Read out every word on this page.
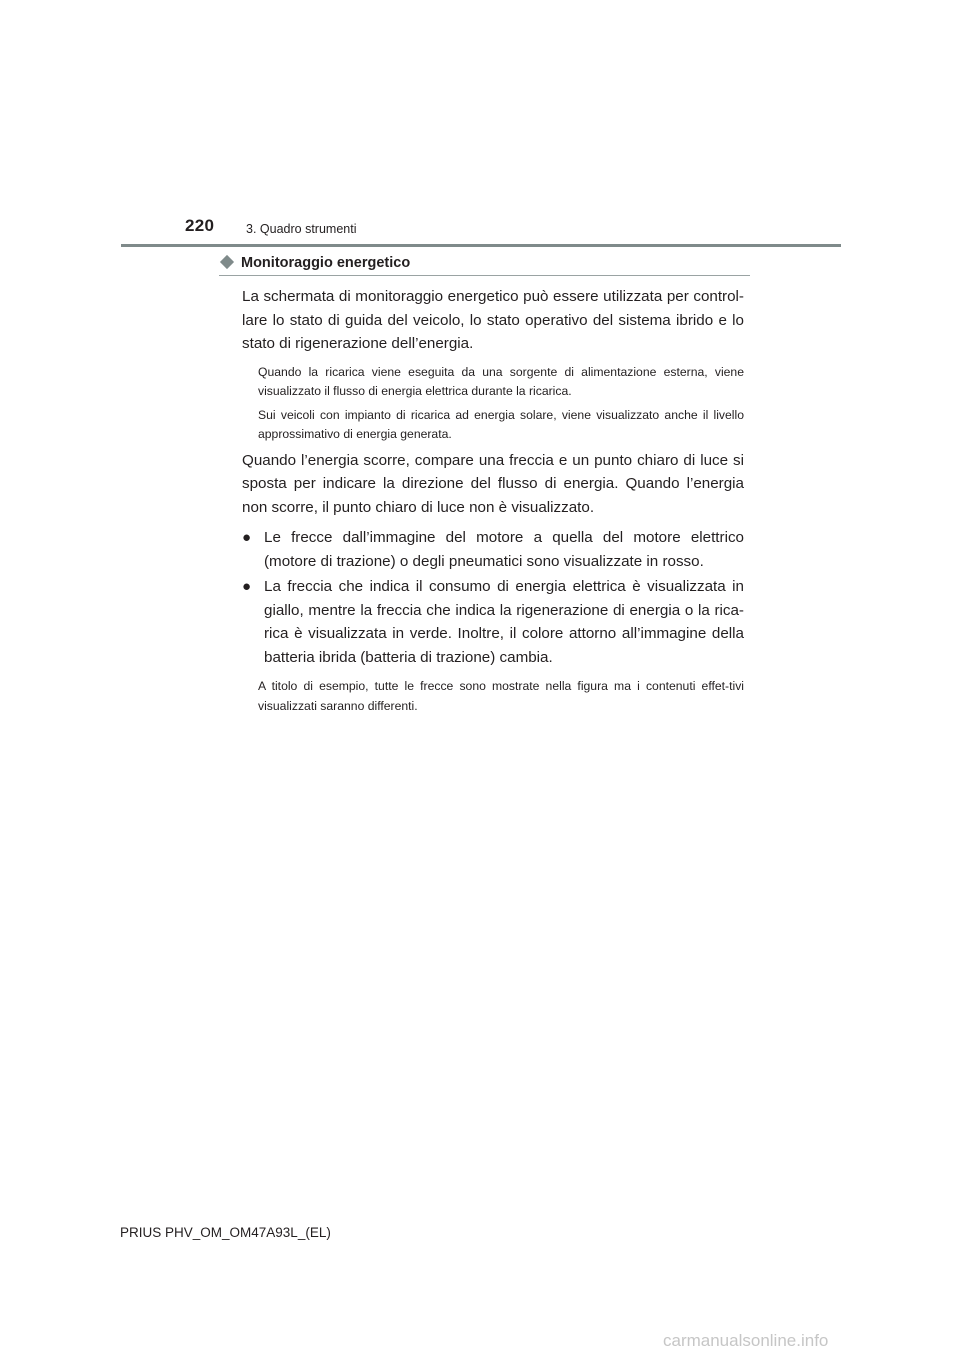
220	3. Quadro strumenti
Monitoraggio energetico

La schermata di monitoraggio energetico può essere utilizzata per control-lare lo stato di guida del veicolo, lo stato operativo del sistema ibrido e lo stato di rigenerazione dell’energia.

Quando la ricarica viene eseguita da una sorgente di alimentazione esterna, viene visualizzato il flusso di energia elettrica durante la ricarica.

Sui veicoli con impianto di ricarica ad energia solare, viene visualizzato anche il livello approssimativo di energia generata.

Quando l’energia scorre, compare una freccia e un punto chiaro di luce si sposta per indicare la direzione del flusso di energia. Quando l’energia non scorre, il punto chiaro di luce non è visualizzato.

● Le frecce dall’immagine del motore a quella del motore elettrico (motore di trazione) o degli pneumatici sono visualizzate in rosso.
● La freccia che indica il consumo di energia elettrica è visualizzata in giallo, mentre la freccia che indica la rigenerazione di energia o la rica-rica è visualizzata in verde. Inoltre, il colore attorno all’immagine della batteria ibrida (batteria di trazione) cambia.

A titolo di esempio, tutte le frecce sono mostrate nella figura ma i contenuti effet-tivi visualizzati saranno differenti.

PRIUS PHV_OM_OM47A93L_(EL)
carmanualsonline.info
